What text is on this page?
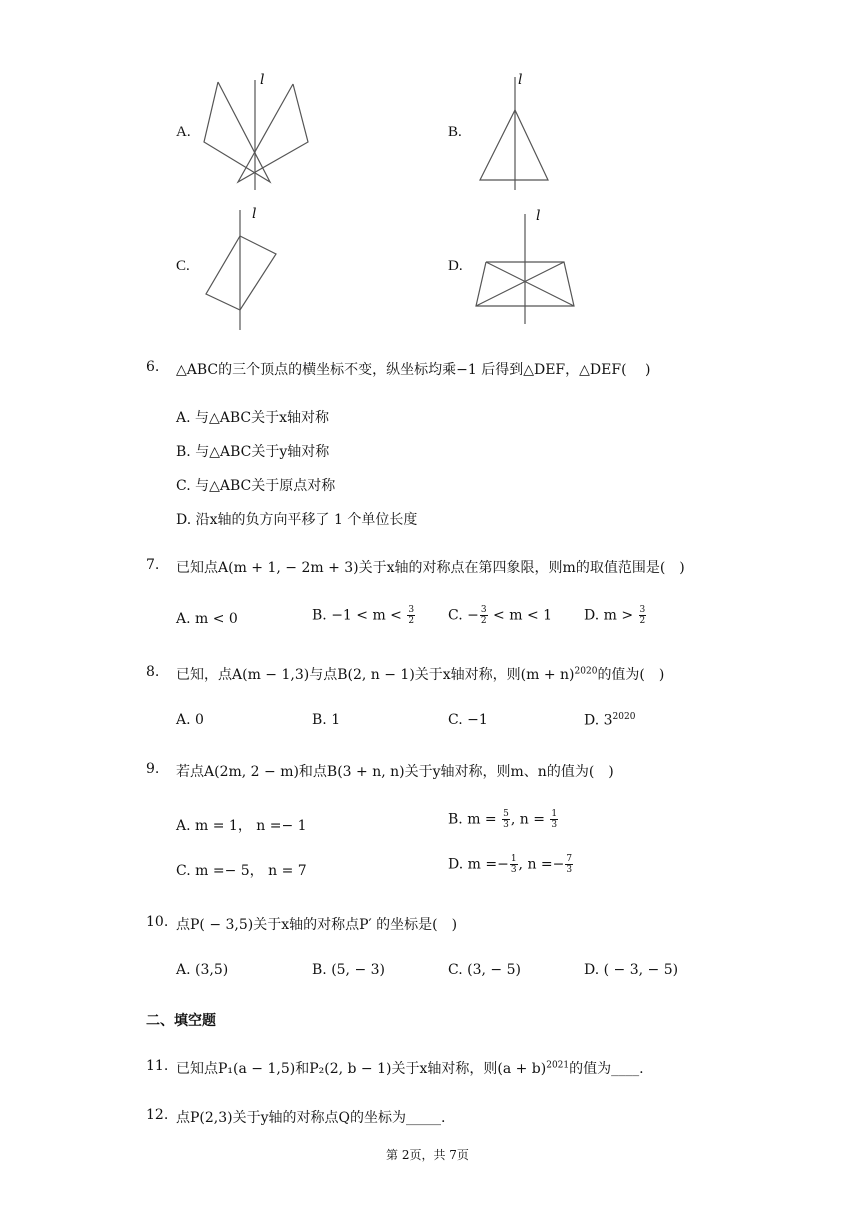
A.
l
B.
l
C.
l
D.
l
6. △ABC的三个顶点的横坐标不变，纵坐标均乘−1 后得到△DEF，△DEF(　 )
A. 与△ABC关于x轴对称
B. 与△ABC关于y轴对称
C. 与△ABC关于原点对称
D. 沿x轴的负方向平移了 1 个单位长度
7. 已知点A(m + 1, − 2m + 3)关于x轴的对称点在第四象限，则m的取值范围是(　)
A. m < 0	B. $-1 < m < \frac{3}{2} C$. − $\frac{3}{2} < m < 1$ D. $m > \frac{3}{2}$
8. 已知，点A(m − 1,3)与点B(2, n − 1)关于x轴对称，则$(m + n)^{2020}$的值为(　)
A. 0	B. 1	C. −1	D. $3^{2020}$
9. 若点A(2m, 2 − m)和点B(3 + n, n)关于y轴对称，则m、n的值为(　)
A. m = 1， n =− 1	B. $m = \frac{5}{3}$ , $n = \frac{1}{3}$
C. m =− 5， n = 7	D. $m =- \frac{1}{3}$ , $n =- \frac{7}{3}$
10. 点P( − 3,5)关于x轴的对称点P′ 的坐标是(　)
A. (3,5)	B. (5, − 3)	C. (3, − 5)	D. ( − 3, − 5)
二、填空题
11. 已知点P₁(a − 1,5)和P₂(2, b − 1)关于x轴对称，则$(a + b)^{2021}$的值为____.
12. 点P(2,3)关于y轴的对称点Q的坐标为_____.
第 2页，共 7页
